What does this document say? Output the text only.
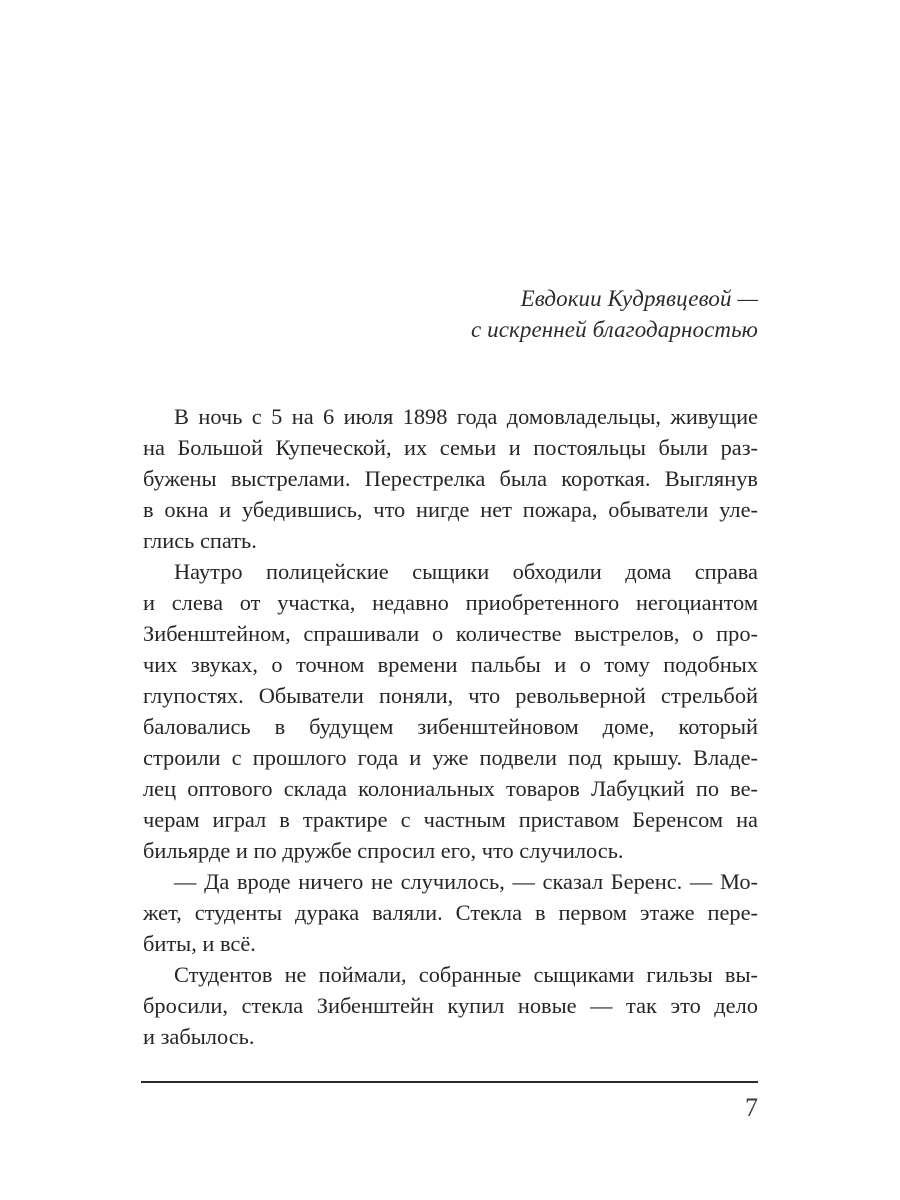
Евдокии Кудрявцевой —
с искренней благодарностью
В ночь с 5 на 6 июля 1898 года домовладельцы, живущие
на Большой Купеческой, их семьи и постояльцы были раз-
бужены выстрелами. Перестрелка была короткая. Выглянув
в окна и убедившись, что нигде нет пожара, обыватели уле-
глись спать.
Наутро полицейские сыщики обходили дома справа
и слева от участка, недавно приобретенного негоциантом
Зибенштейном, спрашивали о количестве выстрелов, о про-
чих звуках, о точном времени пальбы и о тому подобных
глупостях. Обыватели поняли, что револьверной стрельбой
баловались в будущем зибенштейновом доме, который
строили с прошлого года и уже подвели под крышу. Владе-
лец оптового склада колониальных товаров Лабуцкий по ве-
черам играл в трактире с частным приставом Беренсом на
бильярде и по дружбе спросил его, что случилось.
— Да вроде ничего не случилось, — сказал Беренс. — Мо-
жет, студенты дурака валяли. Стекла в первом этаже пере-
биты, и всё.
Студентов не поймали, собранные сыщиками гильзы вы-
бросили, стекла Зибенштейн купил новые — так это дело
и забылось.
7
